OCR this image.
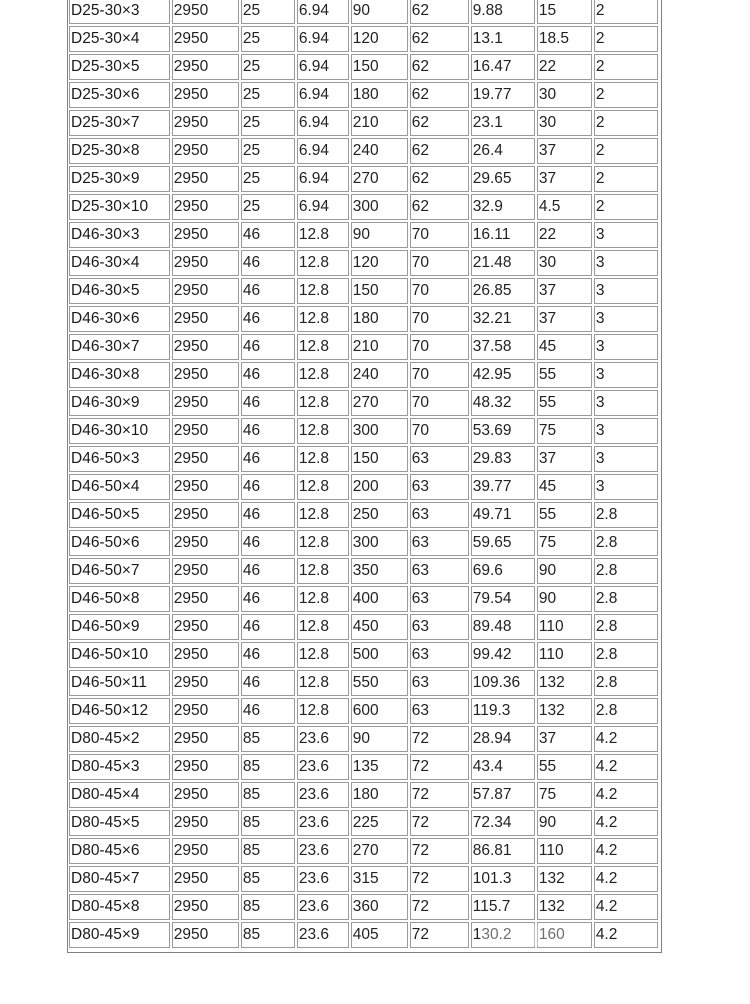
D25-30×3	2950	25	6.94	90	62	9.88	15	2
D25-30×4	2950	25	6.94	120	62	13.1	18.5	2
D25-30×5	2950	25	6.94	150	62	16.47	22	2
D25-30×6	2950	25	6.94	180	62	19.77	30	2
D25-30×7	2950	25	6.94	210	62	23.1	30	2
D25-30×8	2950	25	6.94	240	62	26.4	37	2
D25-30×9	2950	25	6.94	270	62	29.65	37	2
D25-30×10	2950	25	6.94	300	62	32.9	4.5	2
D46-30×3	2950	46	12.8	90	70	16.11	22	3
D46-30×4	2950	46	12.8	120	70	21.48	30	3
D46-30×5	2950	46	12.8	150	70	26.85	37	3
D46-30×6	2950	46	12.8	180	70	32.21	37	3
D46-30×7	2950	46	12.8	210	70	37.58	45	3
D46-30×8	2950	46	12.8	240	70	42.95	55	3
D46-30×9	2950	46	12.8	270	70	48.32	55	3
D46-30×10	2950	46	12.8	300	70	53.69	75	3
D46-50×3	2950	46	12.8	150	63	29.83	37	3
D46-50×4	2950	46	12.8	200	63	39.77	45	3
D46-50×5	2950	46	12.8	250	63	49.71	55	2.8
D46-50×6	2950	46	12.8	300	63	59.65	75	2.8
D46-50×7	2950	46	12.8	350	63	69.6	90	2.8
D46-50×8	2950	46	12.8	400	63	79.54	90	2.8
D46-50×9	2950	46	12.8	450	63	89.48	110	2.8
D46-50×10	2950	46	12.8	500	63	99.42	110	2.8
D46-50×11	2950	46	12.8	550	63	109.36	132	2.8
D46-50×12	2950	46	12.8	600	63	119.3	132	2.8
D80-45×2	2950	85	23.6	90	72	28.94	37	4.2
D80-45×3	2950	85	23.6	135	72	43.4	55	4.2
D80-45×4	2950	85	23.6	180	72	57.87	75	4.2
D80-45×5	2950	85	23.6	225	72	72.34	90	4.2
D80-45×6	2950	85	23.6	270	72	86.81	110	4.2
D80-45×7	2950	85	23.6	315	72	101.3	132	4.2
D80-45×8	2950	85	23.6	360	72	115.7	132	4.2
D80-45×9	2950	85	23.6	405	72	130.2	160	4.2
